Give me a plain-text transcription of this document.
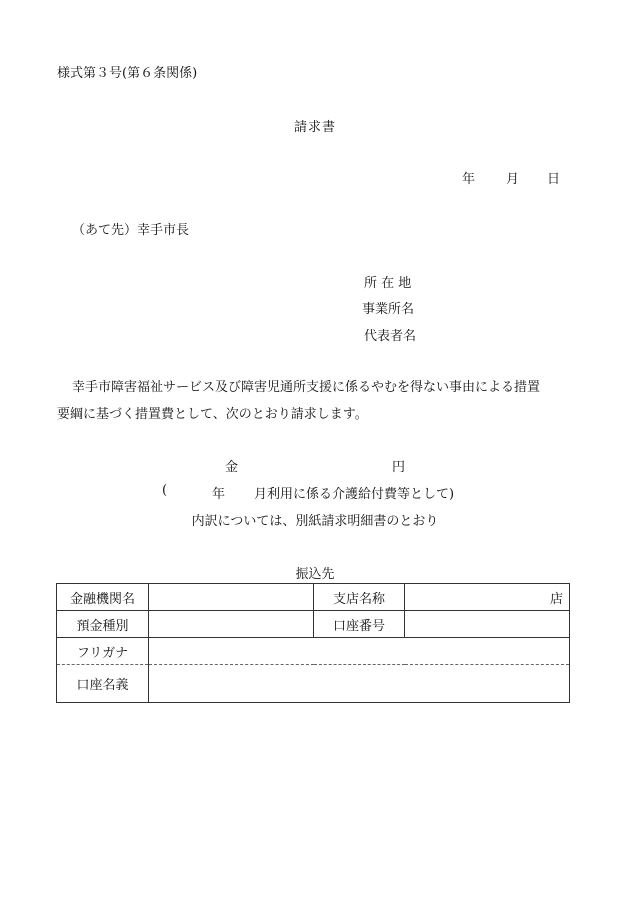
様式第３号(第６条関係)
請求書
年 月 日
（あて先）幸手市長
所 在 地
事業所名
代表者名
幸手市障害福祉サービス及び障害児通所支援に係るやむを得ない事由による措置
要綱に基づく措置費として、次のとおり請求します。
金	円
(	年 月利用に係る介護給付費等として)
内訳については、別紙請求明細書のとおり
振込先
金融機関名		支店名称	店
預金種別		口座番号	
フリガナ			
口座名義			
